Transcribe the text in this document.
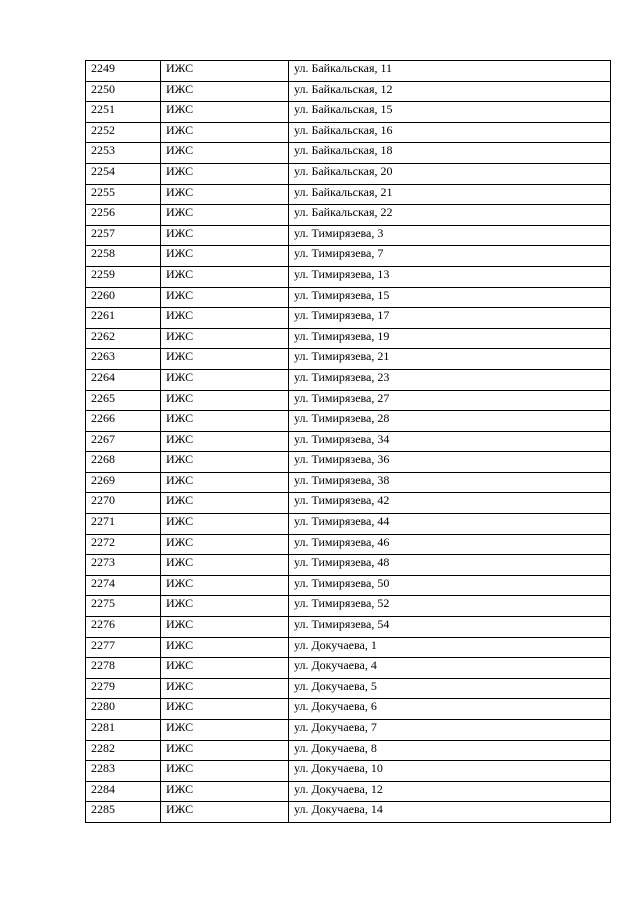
2249	ИЖС	ул. Байкальская, 11
2250	ИЖС	ул. Байкальская, 12
2251	ИЖС	ул. Байкальская, 15
2252	ИЖС	ул. Байкальская, 16
2253	ИЖС	ул. Байкальская, 18
2254	ИЖС	ул. Байкальская, 20
2255	ИЖС	ул. Байкальская, 21
2256	ИЖС	ул. Байкальская, 22
2257	ИЖС	ул. Тимирязева, 3
2258	ИЖС	ул. Тимирязева, 7
2259	ИЖС	ул. Тимирязева, 13
2260	ИЖС	ул. Тимирязева, 15
2261	ИЖС	ул. Тимирязева, 17
2262	ИЖС	ул. Тимирязева, 19
2263	ИЖС	ул. Тимирязева, 21
2264	ИЖС	ул. Тимирязева, 23
2265	ИЖС	ул. Тимирязева, 27
2266	ИЖС	ул. Тимирязева, 28
2267	ИЖС	ул. Тимирязева, 34
2268	ИЖС	ул. Тимирязева, 36
2269	ИЖС	ул. Тимирязева, 38
2270	ИЖС	ул. Тимирязева, 42
2271	ИЖС	ул. Тимирязева, 44
2272	ИЖС	ул. Тимирязева, 46
2273	ИЖС	ул. Тимирязева, 48
2274	ИЖС	ул. Тимирязева, 50
2275	ИЖС	ул. Тимирязева, 52
2276	ИЖС	ул. Тимирязева, 54
2277	ИЖС	ул. Докучаева, 1
2278	ИЖС	ул. Докучаева, 4
2279	ИЖС	ул. Докучаева, 5
2280	ИЖС	ул. Докучаева, 6
2281	ИЖС	ул. Докучаева, 7
2282	ИЖС	ул. Докучаева, 8
2283	ИЖС	ул. Докучаева, 10
2284	ИЖС	ул. Докучаева, 12
2285	ИЖС	ул. Докучаева, 14
